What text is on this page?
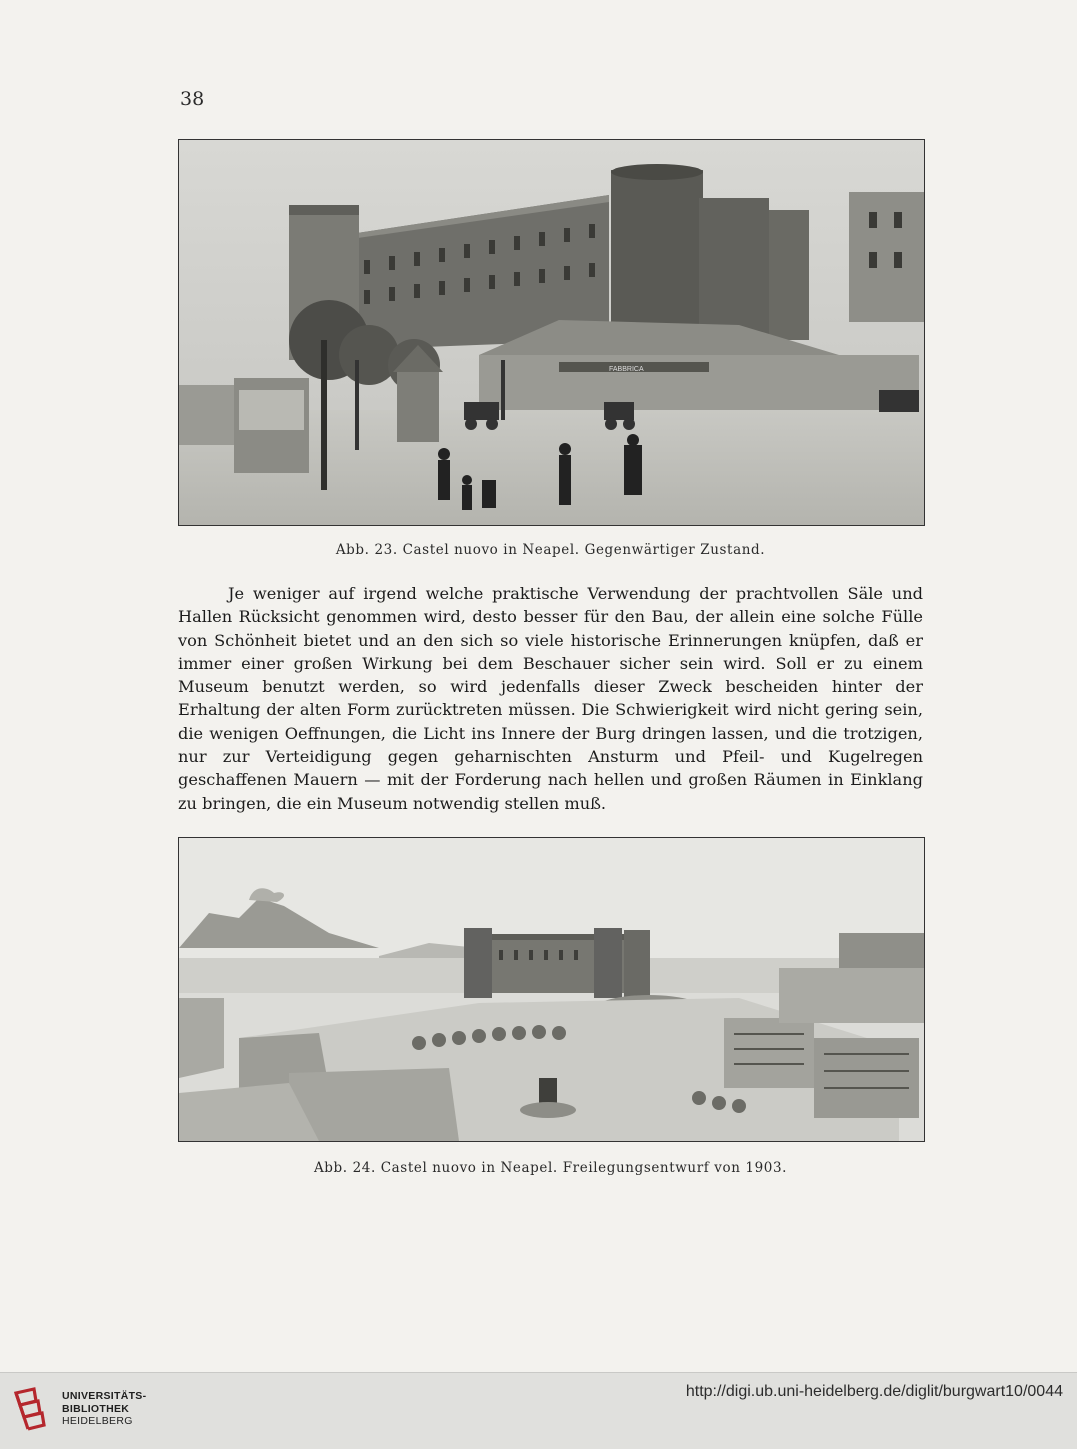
38
FABBRICA
Abb. 23. Castel nuovo in Neapel. Gegenwärtiger Zustand.

Je weniger auf irgend welche praktische Verwendung der prachtvollen Säle und Hallen Rücksicht genommen wird, desto besser für den Bau, der allein eine solche Fülle von Schönheit bietet und an den sich so viele historische Erinnerungen knüpfen, daß er immer einer großen Wirkung bei dem Beschauer sicher sein wird. Soll er zu einem Museum benutzt werden, so wird jedenfalls dieser Zweck bescheiden hinter der Erhaltung der alten Form zurücktreten müssen. Die Schwierigkeit wird nicht gering sein, die wenigen Oeffnungen, die Licht ins Innere der Burg dringen lassen, und die trotzigen, nur zur Verteidigung gegen geharnischten Ansturm und Pfeil- und Kugelregen geschaffenen Mauern — mit der Forderung nach hellen und großen Räumen in Einklang zu bringen, die ein Museum notwendig stellen muß.

Abb. 24. Castel nuovo in Neapel. Freilegungsentwurf von 1903.
UNIVERSITÄTS-
BIBLIOTHEK
HEIDELBERG
http://digi.ub.uni-heidelberg.de/diglit/burgwart10/0044
